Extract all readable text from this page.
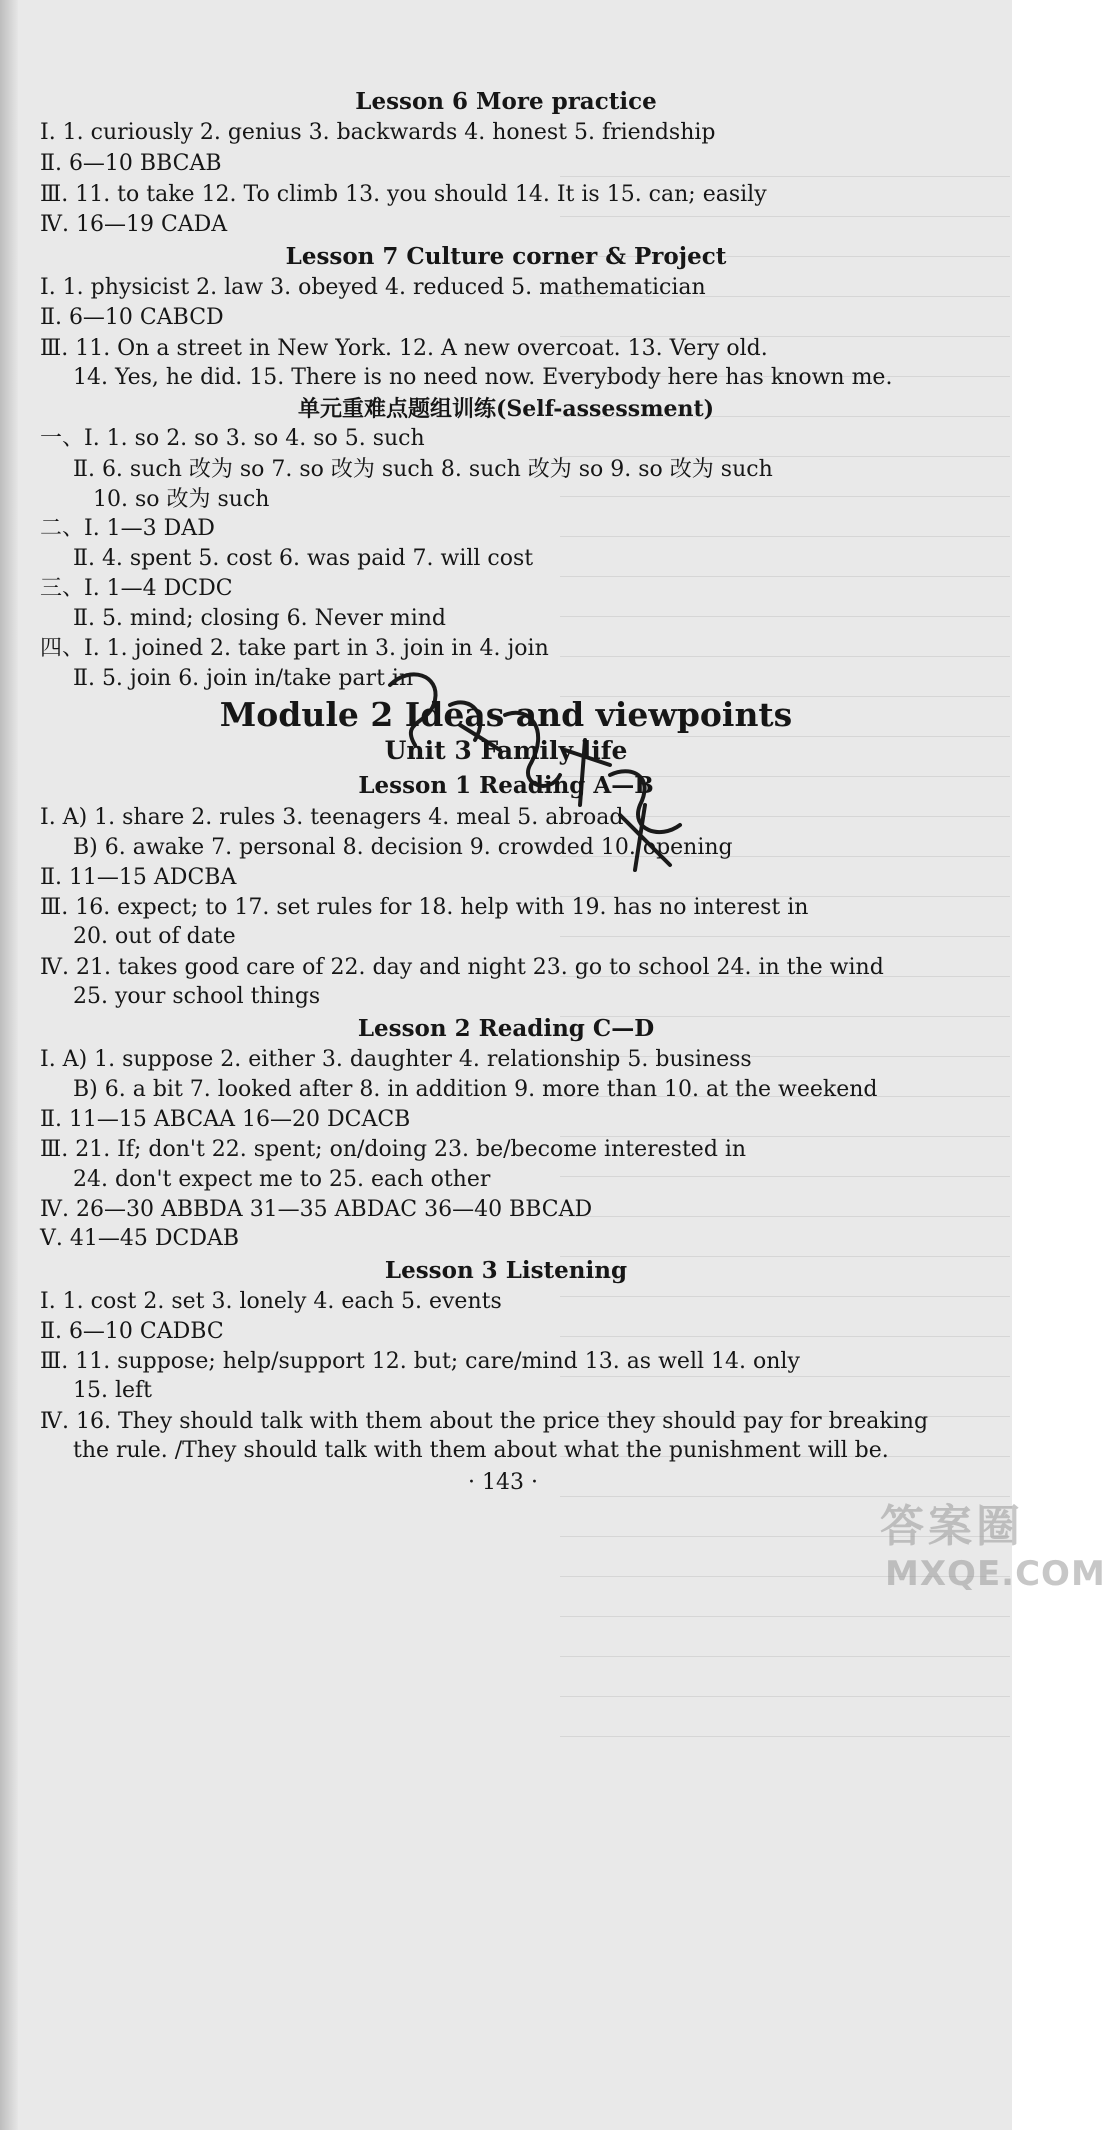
Lesson 6 More practice
Ⅰ. 1. curiously 2. genius 3. backwards 4. honest 5. friendship
Ⅱ. 6—10 BBCAB
Ⅲ. 11. to take 12. To climb 13. you should 14. It is 15. can; easily
Ⅳ. 16—19 CADA
Lesson 7 Culture corner & Project
Ⅰ. 1. physicist 2. law 3. obeyed 4. reduced 5. mathematician
Ⅱ. 6—10 CABCD
Ⅲ. 11. On a street in New York. 12. A new overcoat. 13. Very old.
14. Yes, he did. 15. There is no need now. Everybody here has known me.
单元重难点题组训练(Self-assessment)
一、Ⅰ. 1. so 2. so 3. so 4. so 5. such
Ⅱ. 6. such 改为 so 7. so 改为 such 8. such 改为 so 9. so 改为 such
10. so 改为 such
二、Ⅰ. 1—3 DAD
Ⅱ. 4. spent 5. cost 6. was paid 7. will cost
三、Ⅰ. 1—4 DCDC
Ⅱ. 5. mind; closing 6. Never mind
四、Ⅰ. 1. joined 2. take part in 3. join in 4. join
Ⅱ. 5. join 6. join in/take part in
Module 2 Ideas and viewpoints
Unit 3 Family life
Lesson 1 Reading A—B
Ⅰ. A) 1. share 2. rules 3. teenagers 4. meal 5. abroad
B) 6. awake 7. personal 8. decision 9. crowded 10. opening
Ⅱ. 11—15 ADCBA
Ⅲ. 16. expect; to 17. set rules for 18. help with 19. has no interest in
20. out of date
Ⅳ. 21. takes good care of 22. day and night 23. go to school 24. in the wind
25. your school things
Lesson 2 Reading C—D
Ⅰ. A) 1. suppose 2. either 3. daughter 4. relationship 5. business
B) 6. a bit 7. looked after 8. in addition 9. more than 10. at the weekend
Ⅱ. 11—15 ABCAA 16—20 DCACB
Ⅲ. 21. If; don't 22. spent; on/doing 23. be/become interested in
24. don't expect me to 25. each other
Ⅳ. 26—30 ABBDA 31—35 ABDAC 36—40 BBCAD
Ⅴ. 41—45 DCDAB
Lesson 3 Listening
Ⅰ. 1. cost 2. set 3. lonely 4. each 5. events
Ⅱ. 6—10 CADBC
Ⅲ. 11. suppose; help/support 12. but; care/mind 13. as well 14. only
15. left
Ⅳ. 16. They should talk with them about the price they should pay for breaking
the rule. /They should talk with them about what the punishment will be.
· 143 ·
答案圈
MXQE.COM
